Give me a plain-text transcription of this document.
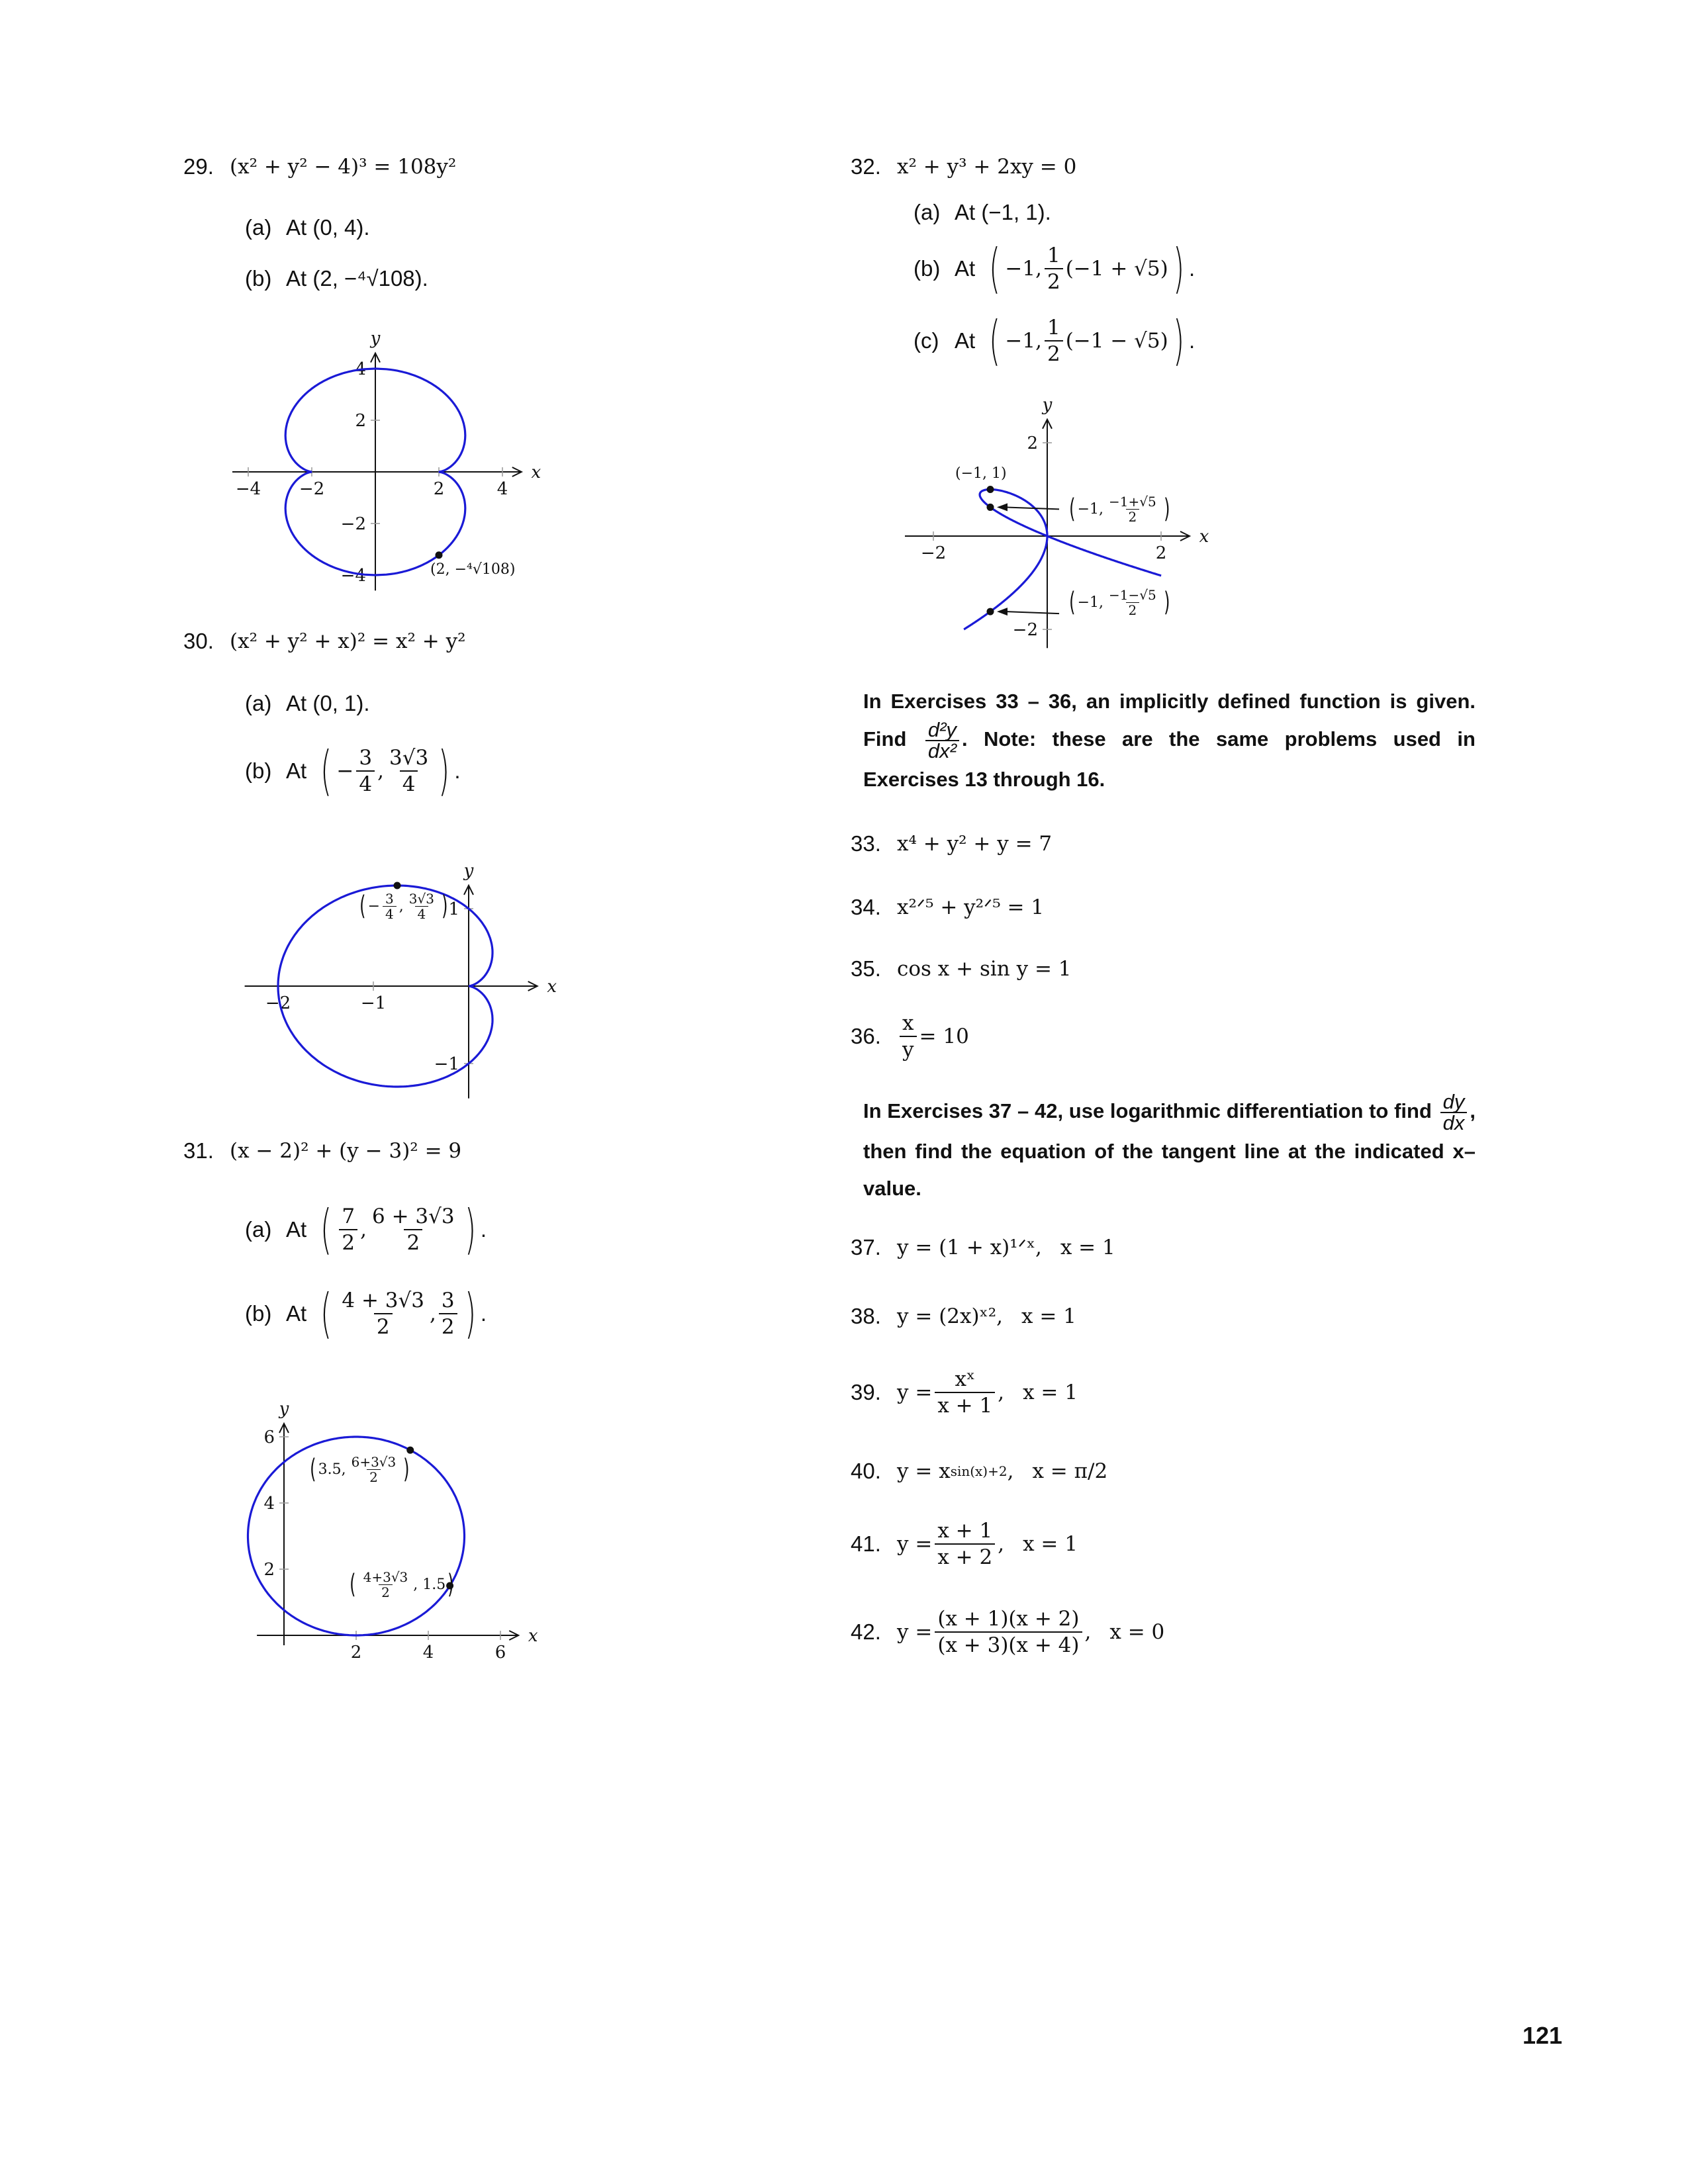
x
y
−4 −2	2	4
−4
−2
2
4
x
y
−2	−1
−1
1
x
y
2	4	6
2
4
6
x
y
−2	2
−2
2
29. (x² + y² − 4)³ = 108y²
(a) At (0, 4).
(b) At (2, −⁴√108).
30. (x² + y² + x)² = x² + y²
(a) At (0, 1).
(b) At ( − $\frac{3}{4}$ , $\frac{3√3}{4}$ ) .
31. (x − 2)² + (y − 3)² = 9
(a) At ( $\frac{7}{2}$ , $\frac{6 + 3√3}{2}$ ) .
(b) At ( $\frac{4 + 3√3}{2}$ , $\frac{3}{2}$ ) .
32. x² + y³ + 2xy = 0
(a) At (−1, 1).
(b) At ( −1, $\frac{1}{2} (-1 + √5)$ ) .
(c) At ( −1, $\frac{1}{2} (-1 - √5)$ ) .
In Exercises 33 – 36, an implicitly defined function is given. Find $\frac{\text{d²y}}{\text{dx²}}$ . Note: these are the same problems used in Exercises 13 through 16.
33. x⁴ + y² + y = 7
34. x²ᐟ⁵ + y²ᐟ⁵ = 1
35. cos x + sin y = 1
36. $\frac{x}{y} = 10$
In Exercises 37 – 42, use logarithmic differentiation to find $\frac{dy}{dx}$ , then find the equation of the tangent line at the indicated x–value.
37. y = (1 + x)¹ᐟˣ, x = 1
38. y = (2x)ˣ², x = 1
39. $y = \frac{\text{xˣ}}{x + 1}$ , x = 1
40. y = x sin(x)+2 , x = π/2
41. $y = \frac{x + 1}{x + 2}$ , x = 1
42. $y = \frac{(x + 1)(x + 2)}{(x + 3)(x + 4)}$ , x = 0
(2, −⁴√108)
( − $\frac{3}{4}$ , $\frac{3√3}{4}$ )
( 3.5, $\frac{6+3√3}{2}$ )
( $\frac{4+3√3}{2}$ , 1.5 )
(−1, 1)
( −1, $\frac{-1+√5}{2}$ )
( −1, $\frac{-1-√5}{2}$ )
121
